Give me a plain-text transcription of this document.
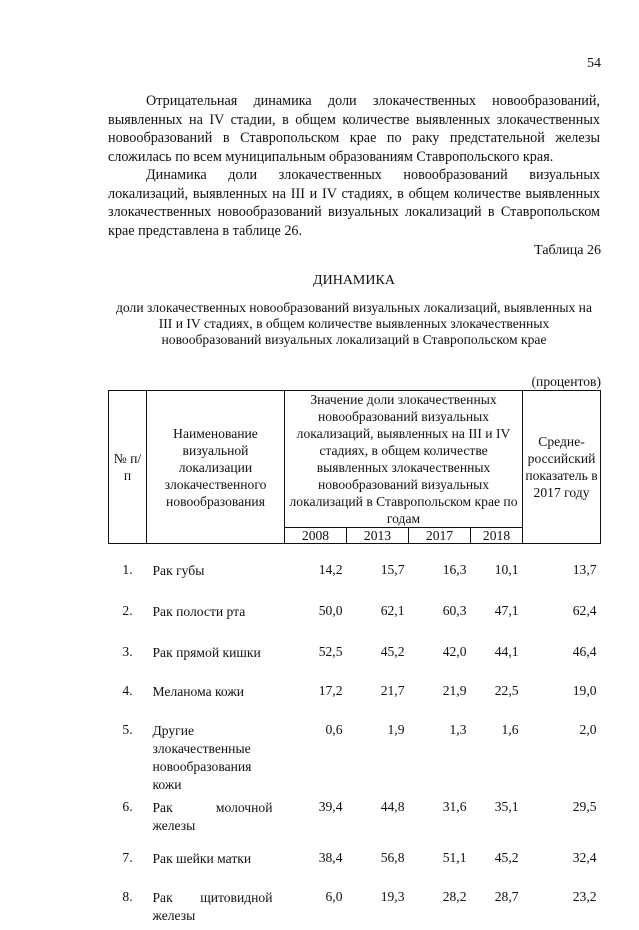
54

Отрицательная динамика доли злокачественных новообразований, выявленных на IV стадии, в общем количестве выявленных злокачественных новообразований в Ставропольском крае по раку предстательной железы сложилась по всем муниципальным образованиям Ставропольского края.

Динамика доли злокачественных новообразований визуальных локализаций, выявленных на III и IV стадиях, в общем количестве выявленных злокачественных новообразований визуальных локализаций в Ставропольском крае представлена в таблице 26.

Таблица 26
ДИНАМИКА
доли злокачественных новообразований визуальных локализаций, выявленных на III и IV стадиях, в общем количестве выявленных злокачественных новообразований визуальных локализаций в Ставропольском крае
(процентов)
№ п/п	Наименование визуальной локализации злокачественного новообразования	Значение доли злокачественных новообразований визуальных локализаций, выявленных на III и IV стадиях, в общем количестве выявленных злокачественных новообразований визуальных локализаций в Ставропольском крае по годам				Средне-российский показатель в 2017 году
		2008	2013	2017	2018	
1.	Рак губы	14,2	15,7	16,3	10,1	13,7
2.	Рак полости рта	50,0	62,1	60,3	47,1	62,4
3.	Рак прямой кишки	52,5	45,2	42,0	44,1	46,4
4.	Меланома кожи	17,2	21,7	21,9	22,5	19,0
5.	Другие злокачественные новообразования кожи	0,6	1,9	1,3	1,6	2,0
6.	Рак молочной железы	39,4	44,8	31,6	35,1	29,5
7.	Рак шейки матки	38,4	56,8	51,1	45,2	32,4
8.	Рак щитовидной железы	6,0	19,3	28,2	28,7	23,2
